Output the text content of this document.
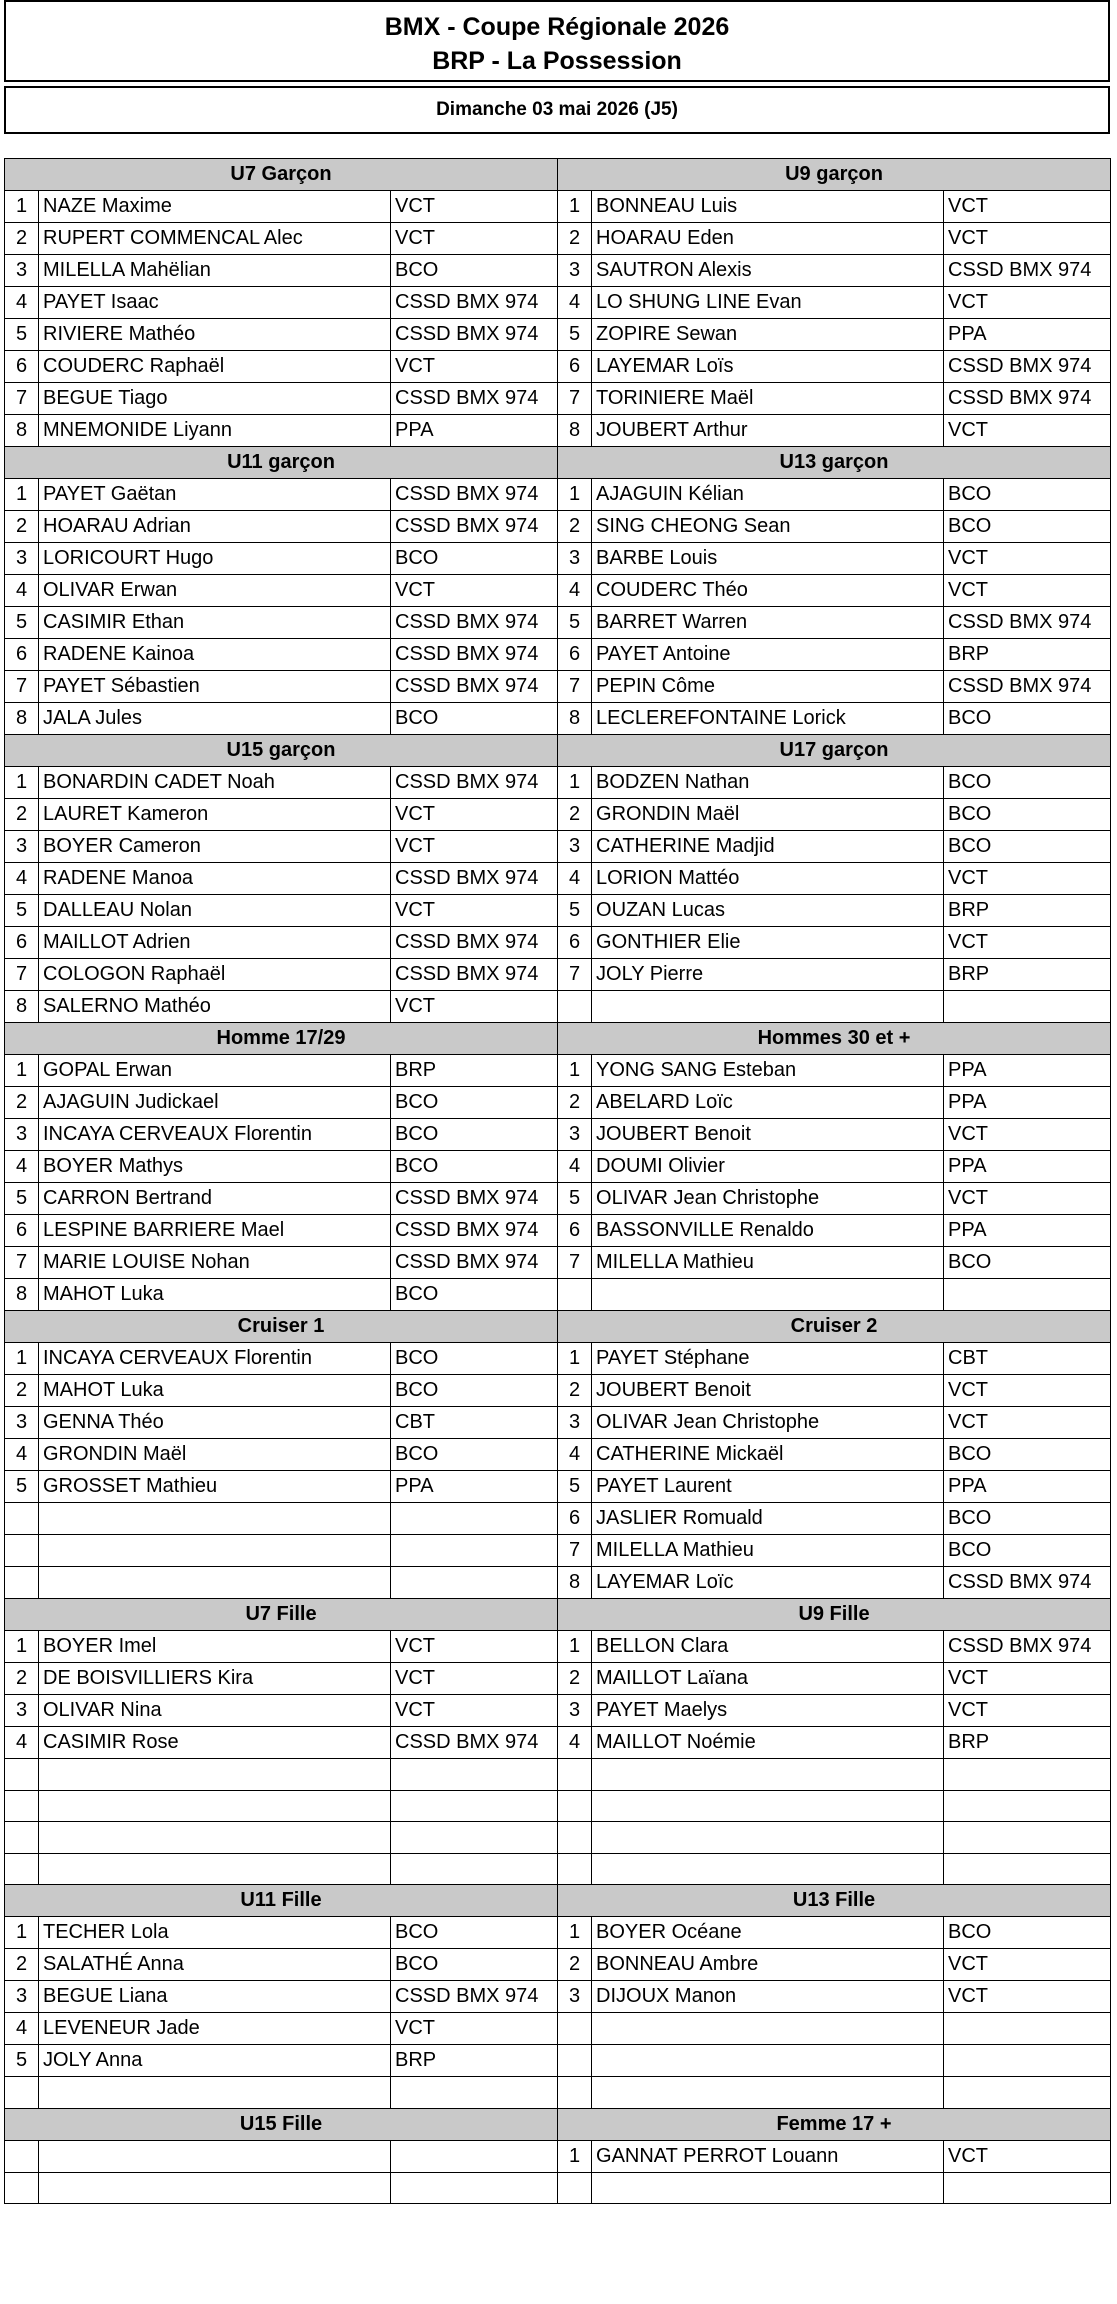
BMX - Coupe Régionale 2026
BRP - La Possession
Dimanche 03 mai 2026 (J5)
U7 Garçon			U9 garçon		
1	NAZE Maxime	VCT	1	BONNEAU Luis	VCT
2	RUPERT COMMENCAL Alec	VCT	2	HOARAU Eden	VCT
3	MILELLA Mahëlian	BCO	3	SAUTRON Alexis	CSSD BMX 974
4	PAYET Isaac	CSSD BMX 974	4	LO SHUNG LINE Evan	VCT
5	RIVIERE Mathéo	CSSD BMX 974	5	ZOPIRE Sewan	PPA
6	COUDERC Raphaël	VCT	6	LAYEMAR Loïs	CSSD BMX 974
7	BEGUE Tiago	CSSD BMX 974	7	TORINIERE Maël	CSSD BMX 974
8	MNEMONIDE Liyann	PPA	8	JOUBERT Arthur	VCT
U11 garçon			U13 garçon		
1	PAYET Gaëtan	CSSD BMX 974	1	AJAGUIN Kélian	BCO
2	HOARAU Adrian	CSSD BMX 974	2	SING CHEONG Sean	BCO
3	LORICOURT Hugo	BCO	3	BARBE Louis	VCT
4	OLIVAR Erwan	VCT	4	COUDERC Théo	VCT
5	CASIMIR Ethan	CSSD BMX 974	5	BARRET Warren	CSSD BMX 974
6	RADENE Kainoa	CSSD BMX 974	6	PAYET Antoine	BRP
7	PAYET Sébastien	CSSD BMX 974	7	PEPIN Côme	CSSD BMX 974
8	JALA Jules	BCO	8	LECLEREFONTAINE Lorick	BCO
U15 garçon			U17 garçon		
1	BONARDIN CADET Noah	CSSD BMX 974	1	BODZEN Nathan	BCO
2	LAURET Kameron	VCT	2	GRONDIN Maël	BCO
3	BOYER Cameron	VCT	3	CATHERINE Madjid	BCO
4	RADENE Manoa	CSSD BMX 974	4	LORION Mattéo	VCT
5	DALLEAU Nolan	VCT	5	OUZAN Lucas	BRP
6	MAILLOT Adrien	CSSD BMX 974	6	GONTHIER Elie	VCT
7	COLOGON Raphaël	CSSD BMX 974	7	JOLY Pierre	BRP
8	SALERNO Mathéo	VCT			
Homme 17/29			Hommes 30 et +		
1	GOPAL Erwan	BRP	1	YONG SANG Esteban	PPA
2	AJAGUIN Judickael	BCO	2	ABELARD Loïc	PPA
3	INCAYA CERVEAUX Florentin	BCO	3	JOUBERT Benoit	VCT
4	BOYER Mathys	BCO	4	DOUMI Olivier	PPA
5	CARRON Bertrand	CSSD BMX 974	5	OLIVAR Jean Christophe	VCT
6	LESPINE BARRIERE Mael	CSSD BMX 974	6	BASSONVILLE Renaldo	PPA
7	MARIE LOUISE Nohan	CSSD BMX 974	7	MILELLA Mathieu	BCO
8	MAHOT Luka	BCO			
Cruiser 1			Cruiser 2		
1	INCAYA CERVEAUX Florentin	BCO	1	PAYET Stéphane	CBT
2	MAHOT Luka	BCO	2	JOUBERT Benoit	VCT
3	GENNA Théo	CBT	3	OLIVAR Jean Christophe	VCT
4	GRONDIN Maël	BCO	4	CATHERINE Mickaël	BCO
5	GROSSET Mathieu	PPA	5	PAYET Laurent	PPA
			6	JASLIER Romuald	BCO
			7	MILELLA Mathieu	BCO
			8	LAYEMAR Loïc	CSSD BMX 974
U7 Fille			U9 Fille		
1	BOYER Imel	VCT	1	BELLON Clara	CSSD BMX 974
2	DE BOISVILLIERS Kira	VCT	2	MAILLOT Laïana	VCT
3	OLIVAR Nina	VCT	3	PAYET Maelys	VCT
4	CASIMIR Rose	CSSD BMX 974	4	MAILLOT Noémie	BRP

U11 Fille			U13 Fille		
1	TECHER Lola	BCO	1	BOYER Océane	BCO
2	SALATHÉ Anna	BCO	2	BONNEAU Ambre	VCT
3	BEGUE Liana	CSSD BMX 974	3	DIJOUX Manon	VCT
4	LEVENEUR Jade	VCT			
5	JOLY Anna	BRP			

U15 Fille			Femme 17 +		
			1	GANNAT PERROT Louann	VCT
